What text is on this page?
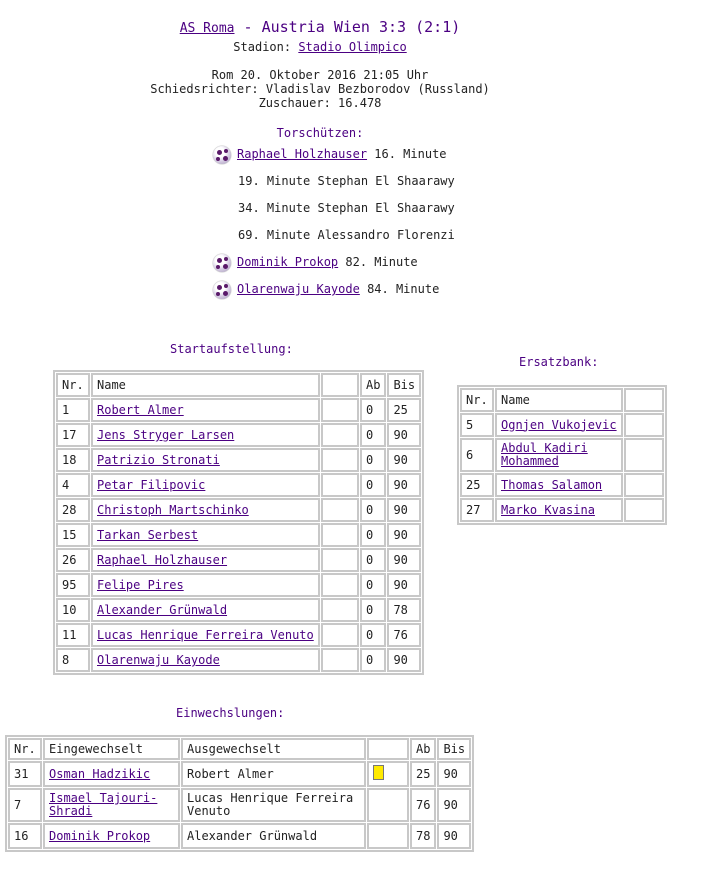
AS Roma - Austria Wien 3:3 (2:1)
Stadion: Stadio Olimpico
Rom 20. Oktober 2016 21:05 Uhr
Schiedsrichter: Vladislav Bezborodov (Russland)
Zuschauer: 16.478
Torschützen:
Raphael Holzhauser 16. Minute
19. Minute Stephan El Shaarawy
34. Minute Stephan El Shaarawy
69. Minute Alessandro Florenzi
Dominik Prokop 82. Minute
Olarenwaju Kayode 84. Minute
Startaufstellung:
Nr.	Name		Ab	Bis
1	Robert Almer		0	25
17	Jens Stryger Larsen		0	90
18	Patrizio Stronati		0	90
4	Petar Filipovic		0	90
28	Christoph Martschinko		0	90
15	Tarkan Serbest		0	90
26	Raphael Holzhauser		0	90
95	Felipe Pires		0	90
10	Alexander Grünwald		0	78
11	Lucas Henrique Ferreira Venuto		0	76
8	Olarenwaju Kayode		0	90
Ersatzbank:
Nr.	Name	
5	Ognjen Vukojevic	
6	Abdul Kadiri Mohammed	
25	Thomas Salamon	
27	Marko Kvasina	
Einwechslungen:
Nr.	Eingewechselt	Ausgewechselt		Ab	Bis
31	Osman Hadzikic	Robert Almer		25	90
7	Ismael Tajouri-Shradi	Lucas Henrique Ferreira Venuto		76	90
16	Dominik Prokop	Alexander Grünwald		78	90
